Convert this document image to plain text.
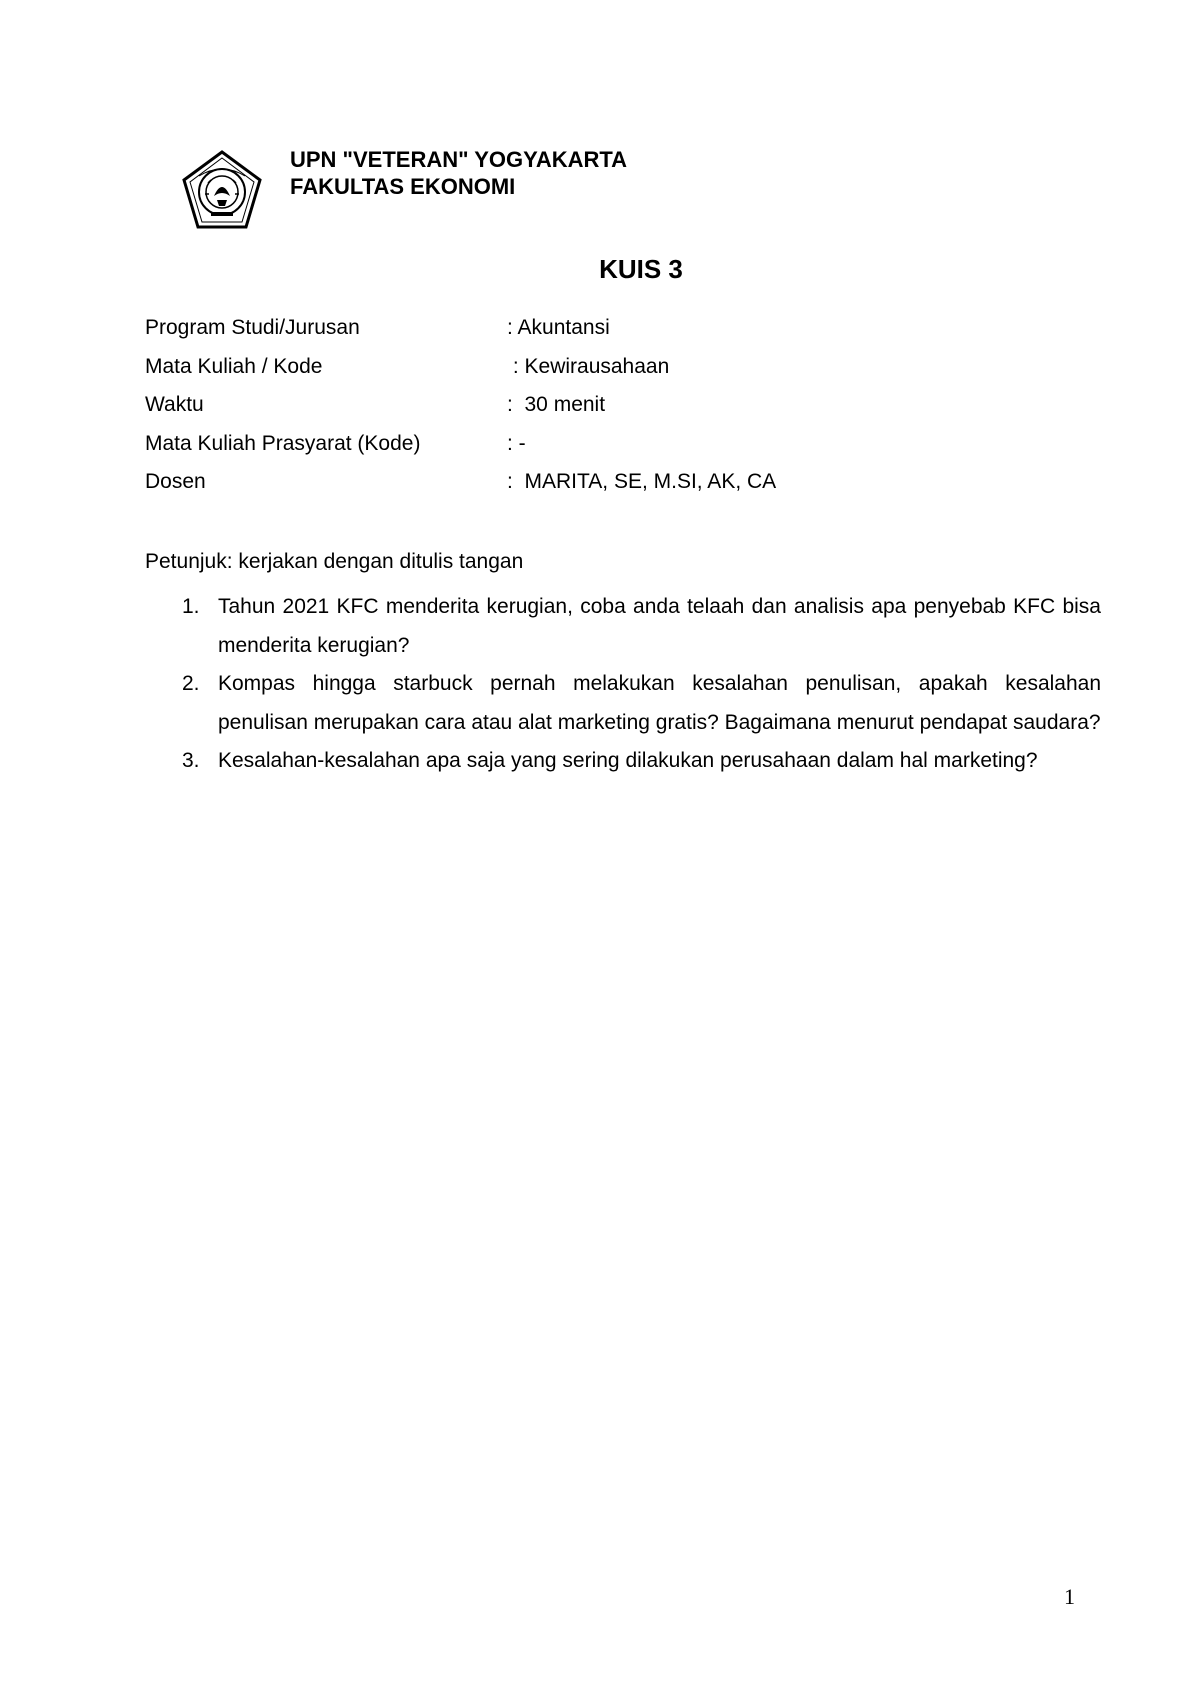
UPN "VETERAN" YOGYAKARTA
FAKULTAS EKONOMI
KUIS 3
Program Studi/Jurusan	: Akuntansi
Mata Kuliah / Kode	: Kewirausahaan
Waktu	:  30 menit
Mata Kuliah Prasyarat (Kode)	: -
Dosen	:  MARITA, SE, M.SI, AK, CA
Petunjuk: kerjakan dengan ditulis tangan
1. Tahun 2021 KFC menderita kerugian, coba anda telaah dan analisis apa penyebab KFC bisa menderita kerugian?
2. Kompas hingga starbuck pernah melakukan kesalahan penulisan, apakah kesalahan penulisan merupakan cara atau alat marketing gratis? Bagaimana menurut pendapat saudara?
3. Kesalahan-kesalahan apa saja yang sering dilakukan perusahaan dalam hal marketing?
1
